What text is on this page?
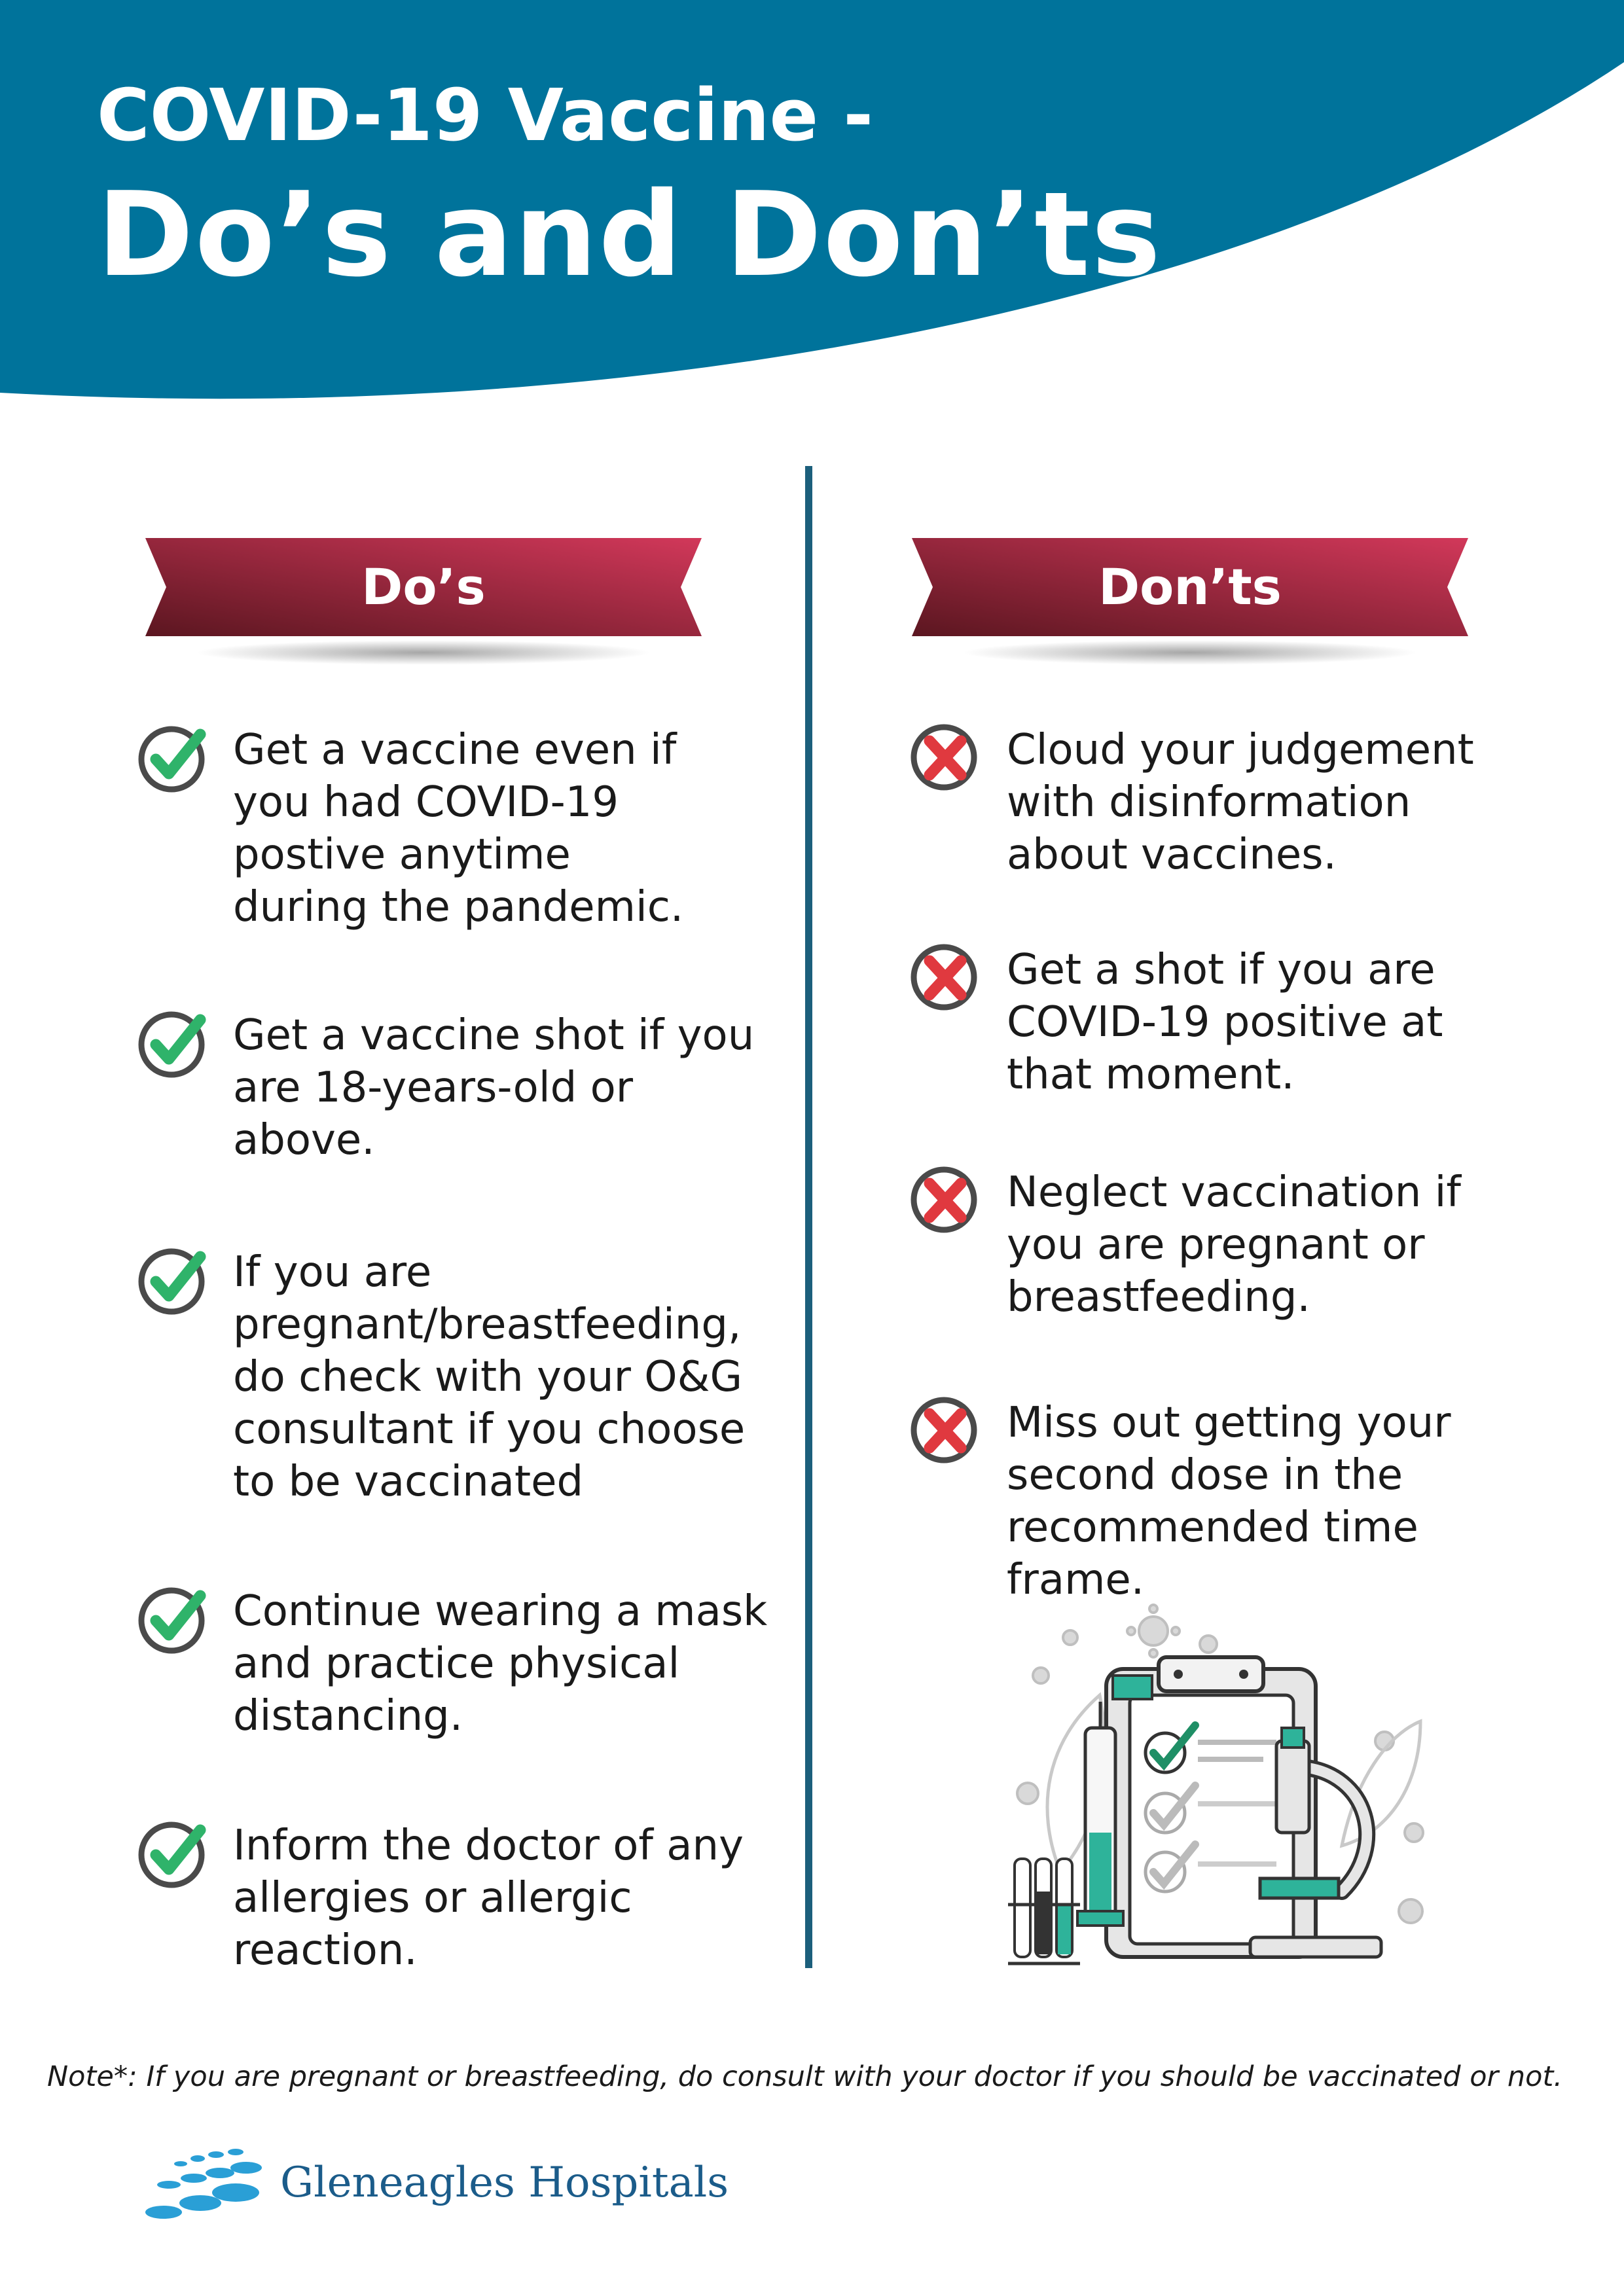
COVID-19 Vaccine -
Do’s and Don’ts
Do’s	Don’ts
Get a vaccine even if
you had COVID-19
postive anytime
during the pandemic.
Get a vaccine shot if you
are 18-years-old or
above.
If you are
pregnant/breastfeeding,
do check with your O&G
consultant if you choose
to be vaccinated
Continue wearing a mask
and practice physical
distancing.
Inform the doctor of any
allergies or allergic
reaction.
Cloud your judgement
with disinformation
about vaccines.
Get a shot if you are
COVID-19 positive at
that moment.
Neglect vaccination if
you are pregnant or
breastfeeding.
Miss out getting your
second dose in the
recommended time
frame.
Note*: If you are pregnant or breastfeeding, do consult with your doctor if you should be vaccinated or not.
Gleneagles Hospitals
